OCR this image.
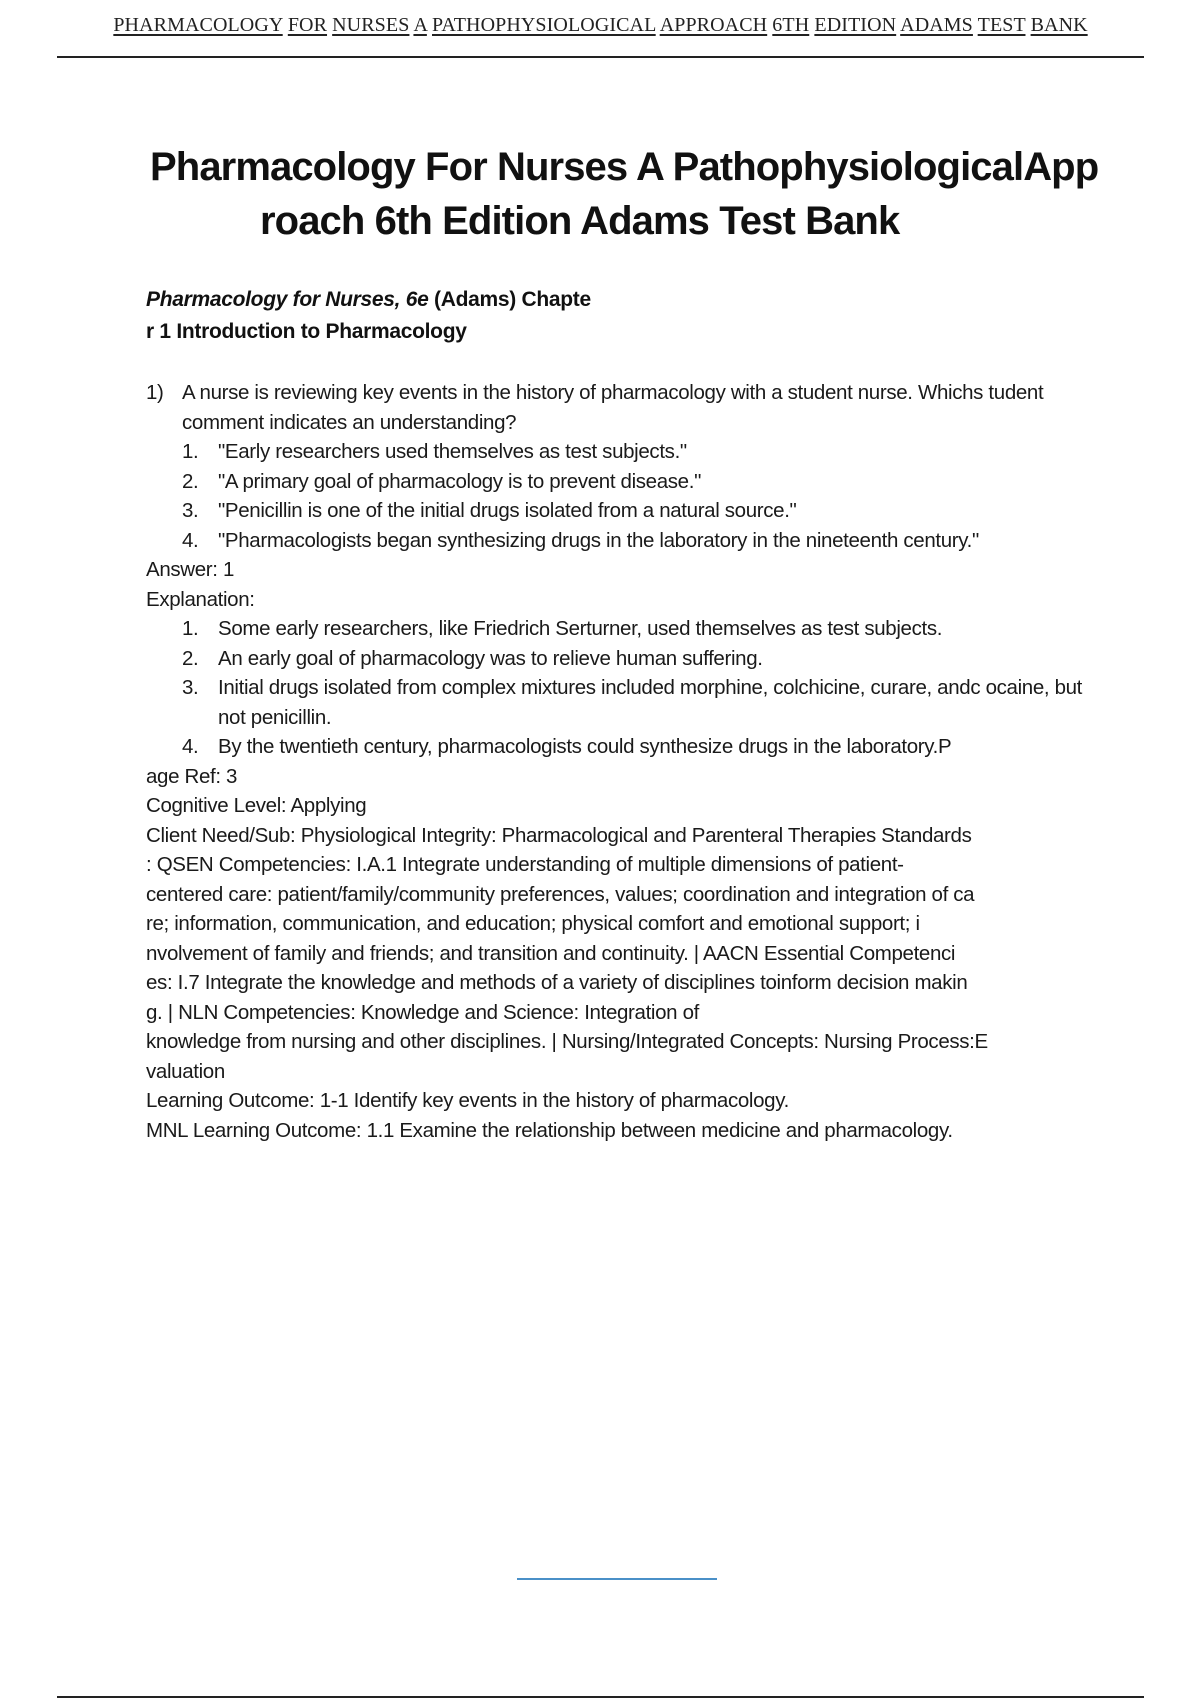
PHARMACOLOGY FOR NURSES A PATHOPHYSIOLOGICAL APPROACH 6TH EDITION ADAMS TEST BANK
Pharmacology For Nurses A PathophysiologicalApp
roach 6th Edition Adams Test Bank
Pharmacology for Nurses, 6e (Adams) Chapte
r 1 Introduction to Pharmacology
1) A nurse is reviewing key events in the history of pharmacology with a student nurse. Whichs tudent comment indicates an understanding?
1. "Early researchers used themselves as test subjects."
2. "A primary goal of pharmacology is to prevent disease."
3. "Penicillin is one of the initial drugs isolated from a natural source."
4. "Pharmacologists began synthesizing drugs in the laboratory in the nineteenth century."
Answer: 1
Explanation:
1. Some early researchers, like Friedrich Serturner, used themselves as test subjects.
2. An early goal of pharmacology was to relieve human suffering.
3. Initial drugs isolated from complex mixtures included morphine, colchicine, curare, andc ocaine, but not penicillin.
4. By the twentieth century, pharmacologists could synthesize drugs in the laboratory.P
age Ref: 3
Cognitive Level: Applying
Client Need/Sub: Physiological Integrity: Pharmacological and Parenteral Therapies Standards
: QSEN Competencies: I.A.1 Integrate understanding of multiple dimensions of patient-
centered care: patient/family/community preferences, values; coordination and integration of ca
re; information, communication, and education; physical comfort and emotional support; i
nvolvement of family and friends; and transition and continuity. | AACN Essential Competenci
es: I.7 Integrate the knowledge and methods of a variety of disciplines toinform decision makin
g. | NLN Competencies: Knowledge and Science: Integration of
knowledge from nursing and other disciplines. | Nursing/Integrated Concepts: Nursing Process:E
valuation
Learning Outcome: 1-1 Identify key events in the history of pharmacology.
MNL Learning Outcome: 1.1 Examine the relationship between medicine and pharmacology.
